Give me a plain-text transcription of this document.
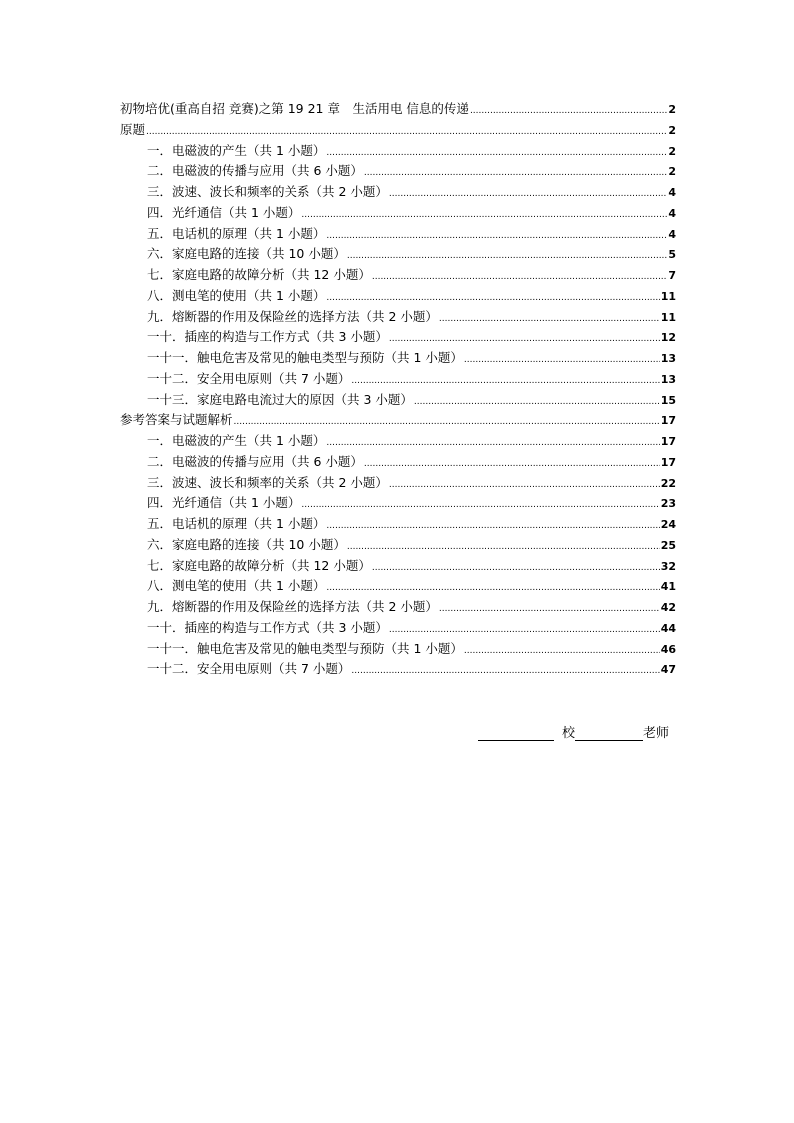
初物培优(重高自招 竞赛)之第 19 21 章　生活用电 信息的传递 .....	2
原题 .....	2
一．电磁波的产生（共 1 小题） .....	2
二．电磁波的传播与应用（共 6 小题） .....	2
三．波速、波长和频率的关系（共 2 小题） .....	4
四．光纤通信（共 1 小题） .....	4
五．电话机的原理（共 1 小题） .....	4
六．家庭电路的连接（共 10 小题） .....	5
七．家庭电路的故障分析（共 12 小题） .....	7
八．测电笔的使用（共 1 小题） .....	11
九．熔断器的作用及保险丝的选择方法（共 2 小题） .....	11
一十．插座的构造与工作方式（共 3 小题） .....	12
一十一．触电危害及常见的触电类型与预防（共 1 小题） .....	13
一十二．安全用电原则（共 7 小题） .....	13
一十三．家庭电路电流过大的原因（共 3 小题） .....	15
参考答案与试题解析 .....	17
一．电磁波的产生（共 1 小题） .....	17
二．电磁波的传播与应用（共 6 小题） .....	17
三．波速、波长和频率的关系（共 2 小题） .....	22
四．光纤通信（共 1 小题） .....	23
五．电话机的原理（共 1 小题） .....	24
六．家庭电路的连接（共 10 小题） .....	25
七．家庭电路的故障分析（共 12 小题） .....	32
八．测电笔的使用（共 1 小题） .....	41
九．熔断器的作用及保险丝的选择方法（共 2 小题） .....	42
一十．插座的构造与工作方式（共 3 小题） .....	44
一十一．触电危害及常见的触电类型与预防（共 1 小题） .....	46
一十二．安全用电原则（共 7 小题） .....	47
校	老师
